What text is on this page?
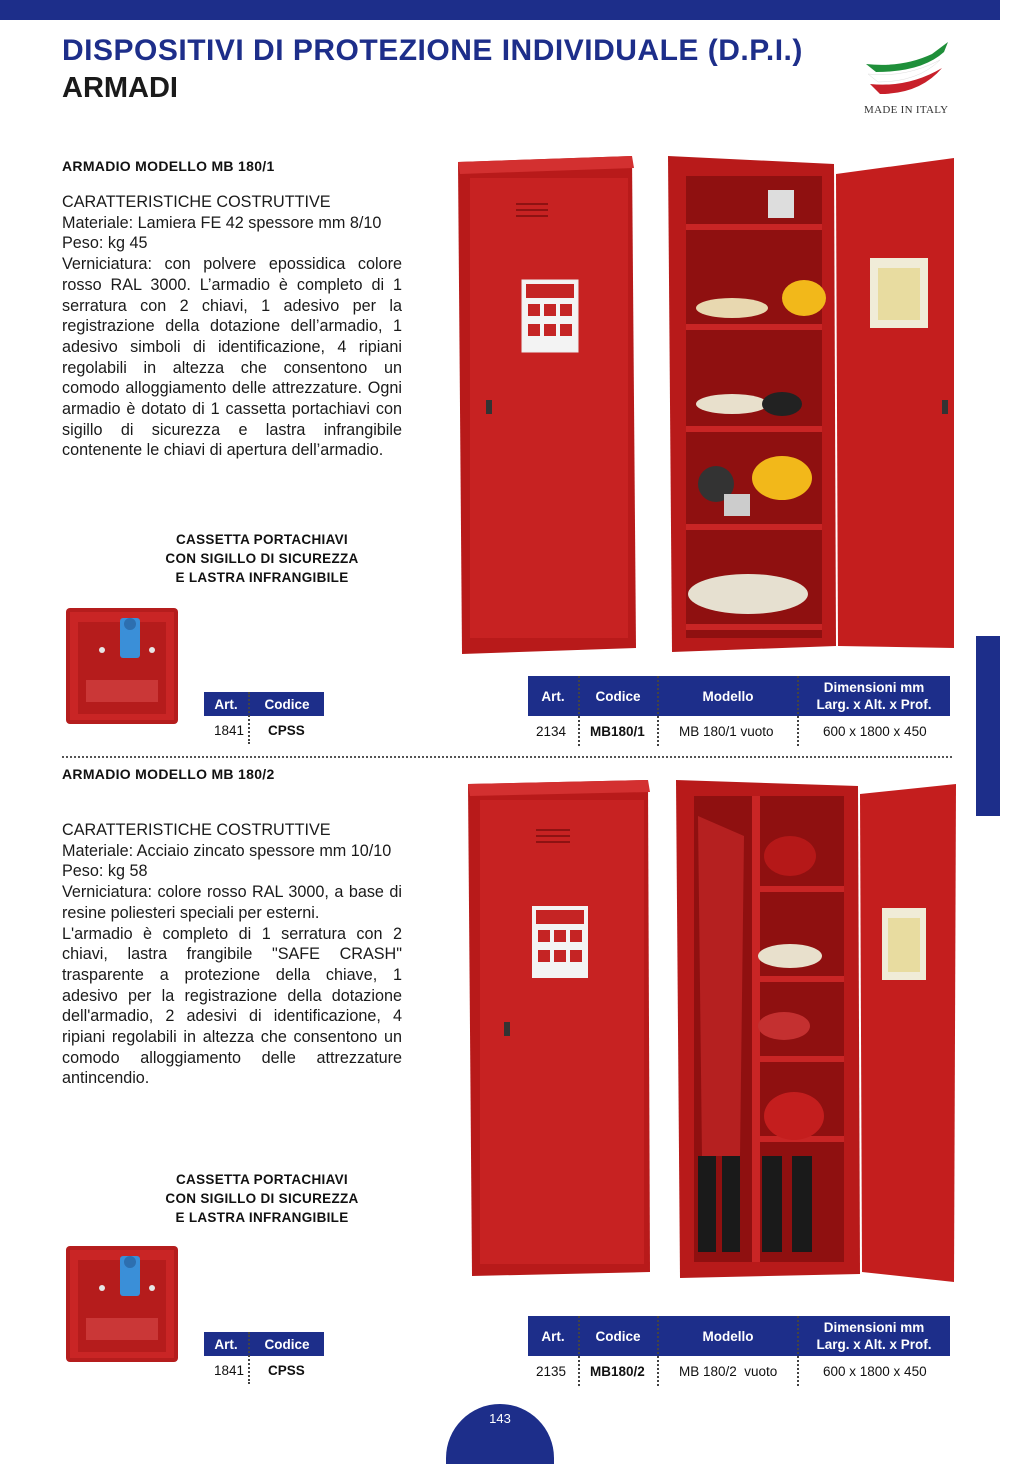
DISPOSITIVI DI PROTEZIONE INDIVIDUALE (D.P.I.)
ARMADI
MADE IN ITALY
ARMADIO MODELLO MB 180/1

CARATTERISTICHE COSTRUTTIVE

Materiale: Lamiera FE 42 spessore mm 8/10

Peso: kg 45

Verniciatura: con polvere epossidica colore rosso RAL 3000. L’armadio è completo di 1 serratura con 2 chiavi, 1 adesivo per la registrazione della dotazione dell’armadio, 1 adesivo simboli di identificazione, 4 ripiani regolabili in altezza che consentono un comodo alloggiamento delle attrezzature. Ogni armadio è dotato di 1 cassetta portachiavi con sigillo di sicurezza e lastra infrangibile contenente le chiavi di apertura dell’armadio.

CASSETTA PORTACHIAVI
CON SIGILLO DI SICUREZZA
E LASTRA INFRANGIBILE
Art.	Codice
1841 CPSS
Art.	Codice	Modello
Dimensioni mm
Larg. x Alt. x Prof.
2134 MB180/1	MB 180/1 vuoto	600 x 1800 x 450
ARMADIO MODELLO MB 180/2

CARATTERISTICHE COSTRUTTIVE

Materiale: Acciaio zincato spessore mm 10/10

Peso: kg 58

Verniciatura: colore rosso RAL 3000, a base di resine poliesteri speciali per esterni.

L'armadio è completo di 1 serratura con 2 chiavi, lastra frangibile "SAFE CRASH" trasparente a protezione della chiave, 1 adesivo per la registrazione della dotazione dell'armadio, 2 adesivi di identificazione, 4 ripiani regolabili in altezza che consentono un comodo alloggiamento delle attrezzature antincendio.

CASSETTA PORTACHIAVI
CON SIGILLO DI SICUREZZA
E LASTRA INFRANGIBILE
Art.	Codice
1841 CPSS
Art.	Codice	Modello
Dimensioni mm
Larg. x Alt. x Prof.
2135 MB180/2	MB 180/2  vuoto	600 x 1800 x 450
143
